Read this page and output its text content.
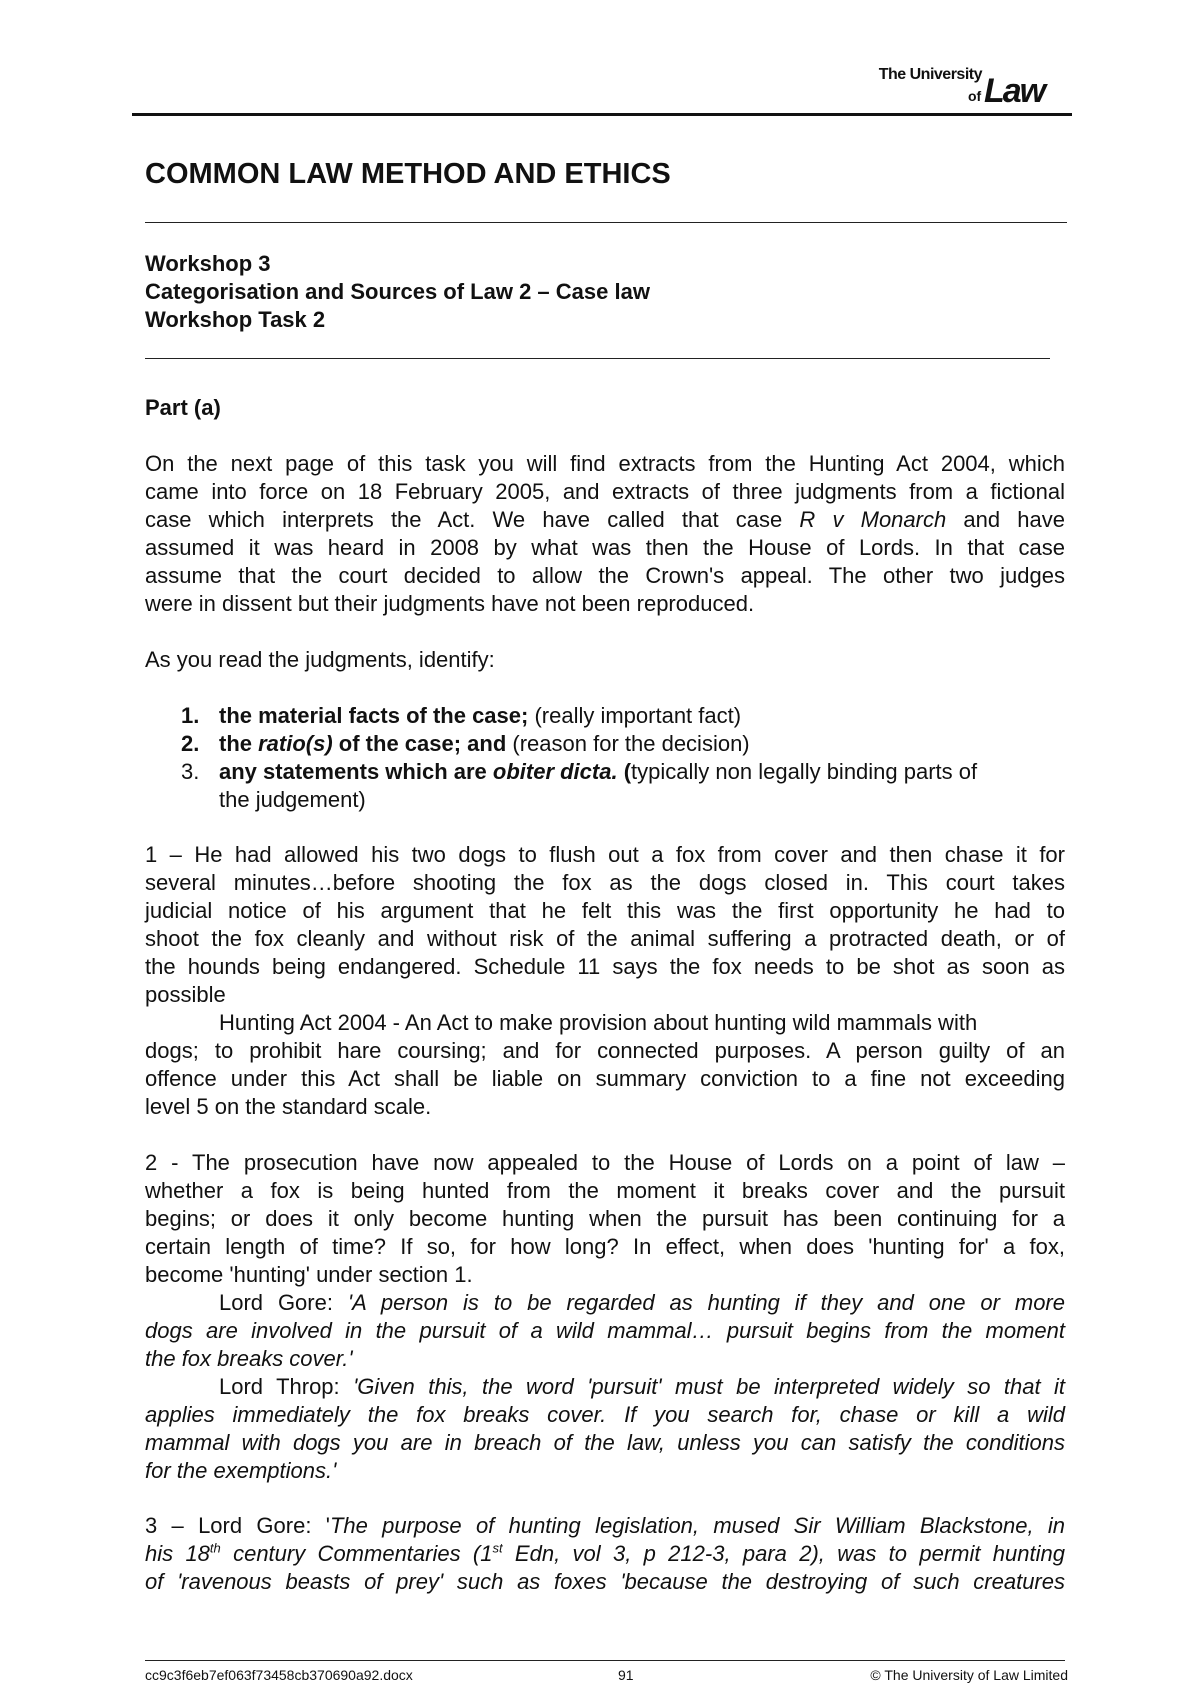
The University
of Law
COMMON LAW METHOD AND ETHICS
Workshop 3
Categorisation and Sources of Law 2 – Case law
Workshop Task 2
Part (a)
On the next page of this task you will find extracts from the Hunting Act 2004, which
came into force on 18 February 2005, and extracts of three judgments from a fictional
case which interprets the Act. We have called that case R v Monarch and have
assumed it was heard in 2008 by what was then the House of Lords. In that case
assume that the court decided to allow the Crown's appeal. The other two judges
were in dissent but their judgments have not been reproduced.
As you read the judgments, identify:
1. the material facts of the case; (really important fact)
2. the ratio(s) of the case; and (reason for the decision)
3. any statements which are obiter dicta. (typically non legally binding parts of
the judgement)
1 – He had allowed his two dogs to flush out a fox from cover and then chase it for
several minutes…before shooting the fox as the dogs closed in. This court takes
judicial notice of his argument that he felt this was the first opportunity he had to
shoot the fox cleanly and without risk of the animal suffering a protracted death, or of
the hounds being endangered. Schedule 11 says the fox needs to be shot as soon as
possible
Hunting Act 2004 - An Act to make provision about hunting wild mammals with
dogs; to prohibit hare coursing; and for connected purposes. A person guilty of an
offence under this Act shall be liable on summary conviction to a fine not exceeding
level 5 on the standard scale.
2 - The prosecution have now appealed to the House of Lords on a point of law –
whether a fox is being hunted from the moment it breaks cover and the pursuit
begins; or does it only become hunting when the pursuit has been continuing for a
certain length of time? If so, for how long? In effect, when does 'hunting for' a fox,
become 'hunting' under section 1.
Lord Gore: 'A person is to be regarded as hunting if they and one or more
dogs are involved in the pursuit of a wild mammal… pursuit begins from the moment
the fox breaks cover.'
Lord Throp: 'Given this, the word 'pursuit' must be interpreted widely so that it
applies immediately the fox breaks cover. If you search for, chase or kill a wild
mammal with dogs you are in breach of the law, unless you can satisfy the conditions
for the exemptions.'
3 – Lord Gore: 'The purpose of hunting legislation, mused Sir William Blackstone, in
his 18th century Commentaries (1st Edn, vol 3, p 212-3, para 2), was to permit hunting
of 'ravenous beasts of prey' such as foxes 'because the destroying of such creatures
cc9c3f6eb7ef063f73458cb370690a92.docx	91	© The University of Law Limited
